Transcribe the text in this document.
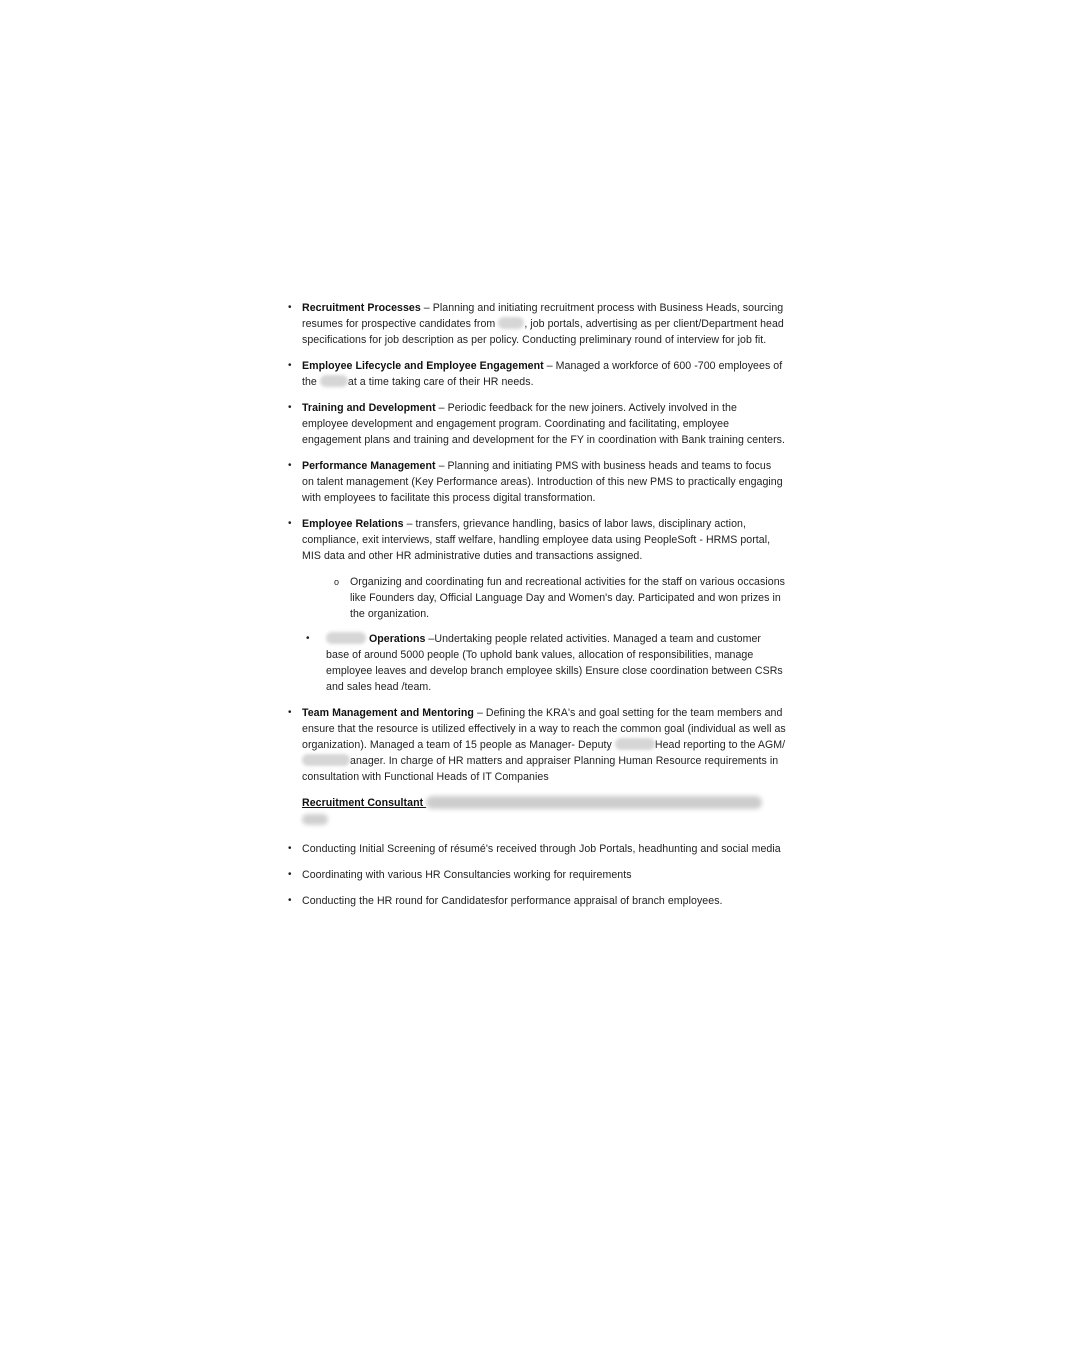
• Recruitment Processes – Planning and initiating recruitment process with Business Heads, sourcing resumes for prospective candidates from , job portals, advertising as per client/Department head specifications for job description as per policy. Conducting preliminary round of interview for job fit.
• Employee Lifecycle and Employee Engagement – Managed a workforce of 600 -700 employees of the	at a time taking care of their HR needs.
• Training and Development – Periodic feedback for the new joiners. Actively involved in the employee development and engagement program. Coordinating and facilitating, employee engagement plans and training and development for the FY in coordination with Bank training centers.
• Performance Management – Planning and initiating PMS with business heads and teams to focus on talent management (Key Performance areas). Introduction of this new PMS to practically engaging with employees to facilitate this process digital transformation.
• Employee Relations – transfers, grievance handling, basics of labor laws, disciplinary action, compliance, exit interviews, staff welfare, handling employee data using PeopleSoft - HRMS portal, MIS data and other HR administrative duties and transactions assigned.
o Organizing and coordinating fun and recreational activities for the staff on various occasions like Founders day, Official Language Day and Women's day. Participated and won prizes in the organization.
•	Operations –Undertaking people related activities. Managed a team and customer base of around 5000 people (To uphold bank values, allocation of responsibilities, manage employee leaves and develop branch employee skills) Ensure close coordination between CSRs and sales head /team.
• Team Management and Mentoring – Defining the KRA's and goal setting for the team members and ensure that the resource is utilized effectively in a way to reach the common goal (individual as well as organization). Managed a team of 15 people as Manager- Deputy	Head reporting to the AGM/anager. In charge of HR matters and appraiser Planning Human Resource requirements in consultation with Functional Heads of IT Companies
Recruitment Consultant
• Conducting Initial Screening of résumé's received through Job Portals, headhunting and social media
• Coordinating with various HR Consultancies working for requirements
• Conducting the HR round for Candidatesfor performance appraisal of branch employees.
